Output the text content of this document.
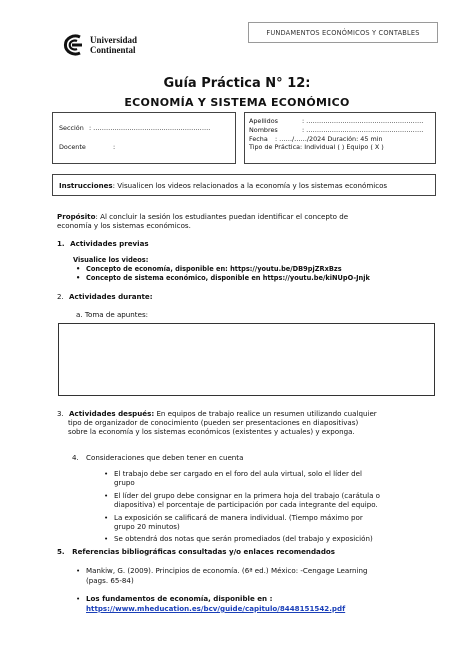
FUNDAMENTOS ECONÓMICOS Y CONTABLES
Universidad
Continental
Guía Práctica N° 12:
ECONOMÍA Y SISTEMA ECONÓMICO
Sección : ……………………………………………….
Docente	:
Apellidos	: ……………………………………………….
Nombres	: ……………………………………………….
Fecha	: ……/……/2024 Duración: 45 min
Tipo de Práctica: Individual ( ) Equipo ( X )
Instrucciones : Visualicen los videos relacionados a la economía y los sistemas económicos
Propósito: Al concluir la sesión los estudiantes puedan identificar el concepto de
economía y los sistemas económicos.
1. Actividades previas
Visualice los videos:
• Concepto de economía, disponible en: https://youtu.be/DB9pjZRxBzs
• Concepto de sistema económico, disponible en https://youtu.be/kiNUpO-Jnjk
2. Actividades durante:
a. Toma de apuntes:
3. Actividades después: En equipos de trabajo realice un resumen utilizando cualquier
tipo de organizador de conocimiento (pueden ser presentaciones en diapositivas)
sobre la economía y los sistemas económicos (existentes y actuales) y exponga.
4. Consideraciones que deben tener en cuenta
• El trabajo debe ser cargado en el foro del aula virtual, solo el líder del
grupo
• El líder del grupo debe consignar en la primera hoja del trabajo (carátula o
diapositiva) el porcentaje de participación por cada integrante del equipo.
• La exposición se calificará de manera individual. (Tiempo máximo por
grupo 20 minutos)
• Se obtendrá dos notas que serán promediados (del trabajo y exposición)
5. Referencias bibliográficas consultadas y/o enlaces recomendados
• Mankiw, G. (2009). Principios de economía. (6ª ed.) México: -Cengage Learning
(pags. 65-84)
• Los fundamentos de economía, disponible en :
https://www.mheducation.es/bcv/guide/capitulo/8448151542.pdf
